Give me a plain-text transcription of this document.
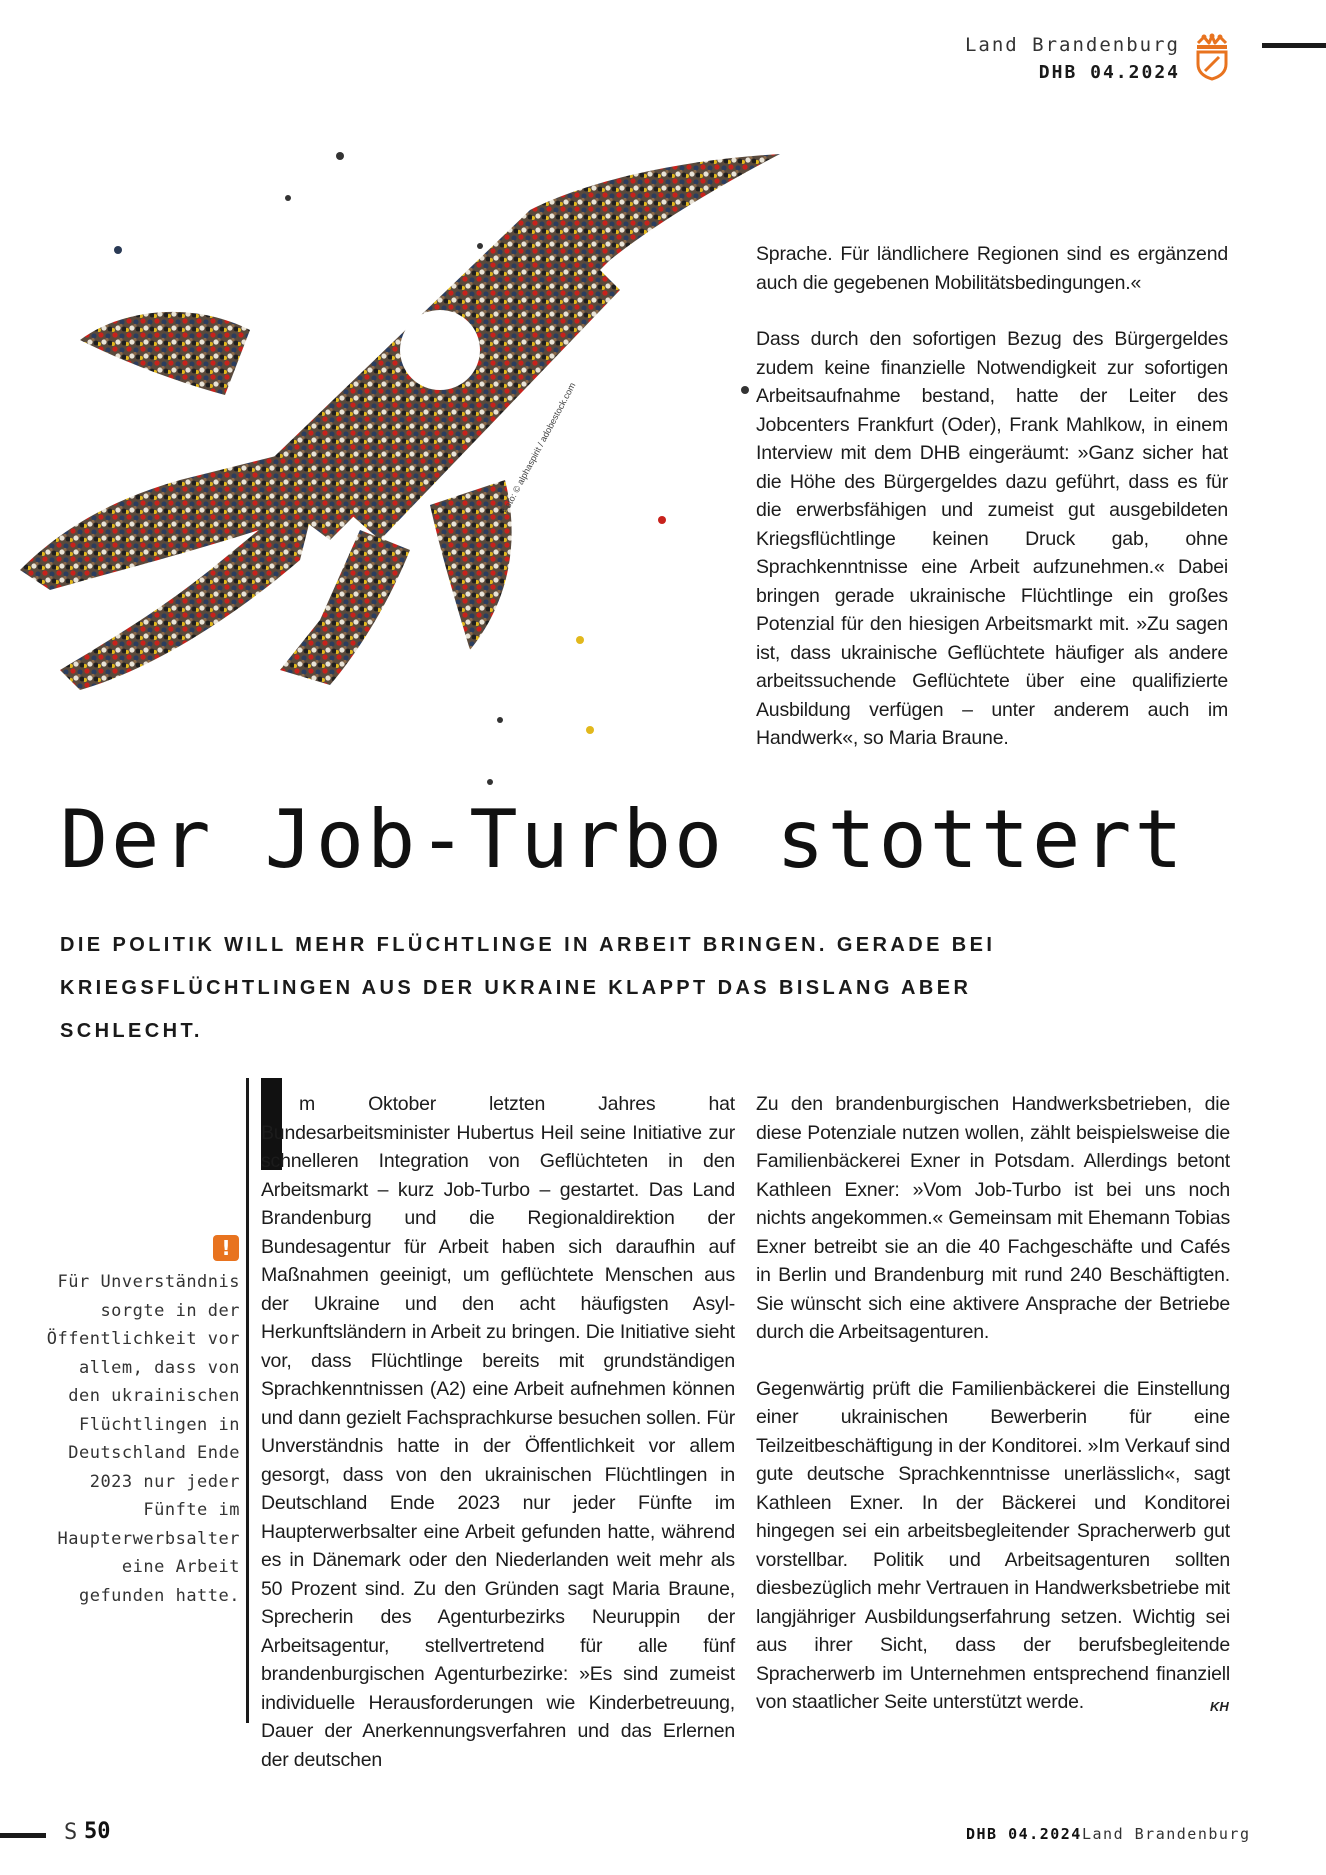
Land Brandenburg
DHB 04.2024
Foto: © alphaspirit / adobestock.com

Sprache. Für ländlichere Regionen sind es ergänzend auch die gegebenen Mobilitätsbedingungen.«

Dass durch den sofortigen Bezug des Bürgergeldes zudem keine finanzielle Notwendigkeit zur sofortigen Arbeitsaufnahme bestand, hatte der Leiter des Jobcenters Frankfurt (Oder), Frank Mahlkow, in einem Interview mit dem DHB eingeräumt: »Ganz sicher hat die Höhe des Bürgergeldes dazu geführt, dass es für die erwerbsfähigen und zumeist gut ausgebildeten Kriegsflüchtlinge keinen Druck gab, ohne Sprachkenntnisse eine Arbeit aufzunehmen.« Dabei bringen gerade ukrainische Flüchtlinge ein großes Potenzial für den hiesigen Arbeitsmarkt mit. »Zu sagen ist, dass ukrainische Geflüchtete häufiger als andere arbeitssuchende Geflüchtete über eine qualifizierte Ausbildung verfügen – unter anderem auch im Handwerk«, so Maria Braune.

Der Job-Turbo stottert
DIE POLITIK WILL MEHR FLÜCHTLINGE IN ARBEIT BRINGEN. GERADE BEI KRIEGSFLÜCHTLINGEN AUS DER UKRAINE KLAPPT DAS BISLANG ABER SCHLECHT.
!
Für Unverständnis sorgte in der Öffentlichkeit vor allem, dass von den ukrainischen Flüchtlingen in Deutschland Ende 2023 nur jeder Fünfte im Haupterwerbsalter eine Arbeit gefunden hatte.

m Oktober letzten Jahres hat Bundesarbeitsminister Hubertus Heil seine Initiative zur schnelleren Integration von Geflüchteten in den Arbeitsmarkt – kurz Job-Turbo – gestartet. Das Land Brandenburg und die Regionaldirektion der Bundesagentur für Arbeit haben sich daraufhin auf Maßnahmen geeinigt, um geflüchtete Menschen aus der Ukraine und den acht häufigsten Asyl-Herkunftsländern in Arbeit zu bringen. Die Initiative sieht vor, dass Flüchtlinge bereits mit grundständigen Sprachkenntnissen (A2) eine Arbeit aufnehmen können und dann gezielt Fachsprachkurse besuchen sollen. Für Unverständnis hatte in der Öffentlichkeit vor allem gesorgt, dass von den ukrainischen Flüchtlingen in Deutschland Ende 2023 nur jeder Fünfte im Haupterwerbsalter eine Arbeit gefunden hatte, während es in Dänemark oder den Niederlanden weit mehr als 50 Prozent sind. Zu den Gründen sagt Maria Braune, Sprecherin des Agenturbezirks Neuruppin der Arbeitsagentur, stellvertretend für alle fünf brandenburgischen Agenturbezirke: »Es sind zumeist individuelle Herausforderungen wie Kinderbetreuung, Dauer der Anerkennungsverfahren und das Erlernen der deutschen

Zu den brandenburgischen Handwerksbetrieben, die diese Potenziale nutzen wollen, zählt beispielsweise die Familienbäckerei Exner in Potsdam. Allerdings betont Kathleen Exner: »Vom Job-Turbo ist bei uns noch nichts angekommen.« Gemeinsam mit Ehemann Tobias Exner betreibt sie an die 40 Fachgeschäfte und Cafés in Berlin und Brandenburg mit rund 240 Beschäftigten. Sie wünscht sich eine aktivere Ansprache der Betriebe durch die Arbeitsagenturen.

Gegenwärtig prüft die Familienbäckerei die Einstellung einer ukrainischen Bewerberin für eine Teilzeitbeschäftigung in der Konditorei. »Im Verkauf sind gute deutsche Sprachkenntnisse unerlässlich«, sagt Kathleen Exner. In der Bäckerei und Konditorei hingegen sei ein arbeitsbegleitender Spracherwerb gut vorstellbar. Politik und Arbeitsagenturen sollten diesbezüglich mehr Vertrauen in Handwerksbetriebe mit langjähriger Ausbildungserfahrung setzen. Wichtig sei aus ihrer Sicht, dass der berufsbegleitende Spracherwerb im Unternehmen entsprechend finanziell von staatlicher Seite unterstützt werde.	KH
S 50	DHB 04.2024 Land Brandenburg
